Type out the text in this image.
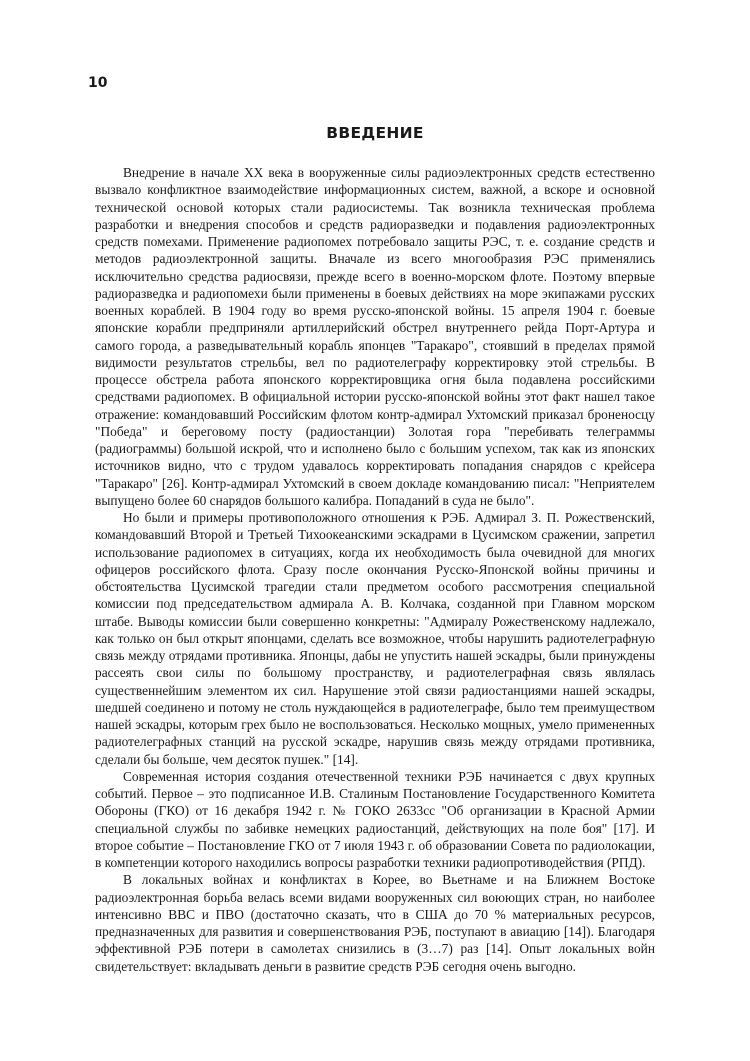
10
ВВЕДЕНИЕ

Внедрение в начале XX века в вооруженные силы радиоэлектронных средств естественно вызвало конфликтное взаимодействие информационных систем, важной, а вскоре и основной технической основой которых стали радиосистемы. Так возникла техническая проблема разработки и внедрения способов и средств радиоразведки и подавления радиоэлектронных средств помехами. Применение радиопомех потребовало защиты РЭС, т. е. создание средств и методов радиоэлектронной защиты. Вначале из всего многообразия РЭС применялись исключительно средства радиосвязи, прежде всего в военно-морском флоте. Поэтому впервые радиоразведка и радиопомехи были применены в боевых действиях на море экипажами русских военных кораблей. В 1904 году во время русско-японской войны. 15 апреля 1904 г. боевые японские корабли предприняли артиллерийский обстрел внутреннего рейда Порт-Артура и самого города, а разведывательный корабль японцев "Таракаро", стоявший в пределах прямой видимости результатов стрельбы, вел по радиотелеграфу корректировку этой стрельбы. В процессе обстрела работа японского корректировщика огня была подавлена российскими средствами радиопомех. В официальной истории русско-японской войны этот факт нашел такое отражение: командовавший Российским флотом контр-адмирал Ухтомский приказал броненосцу "Победа" и береговому посту (радиостанции) Золотая гора "перебивать телеграммы (радиограммы) большой искрой, что и исполнено было с большим успехом, так как из японских источников видно, что с трудом удавалось корректировать попадания снарядов с крейсера "Таракаро" [26]. Контр-адмирал Ухтомский в своем докладе командованию писал: "Неприятелем выпущено более 60 снарядов большого калибра. Попаданий в суда не было".

Но были и примеры противоположного отношения к РЭБ. Адмирал З. П. Рожественский, командовавший Второй и Третьей Тихоокеанскими эскадрами в Цусимском сражении, запретил использование радиопомех в ситуациях, когда их необходимость была очевидной для многих офицеров российского флота. Сразу после окончания Русско-Японской войны причины и обстоятельства Цусимской трагедии стали предметом особого рассмотрения специальной комиссии под председательством адмирала А. В. Колчака, созданной при Главном морском штабе. Выводы комиссии были совершенно конкретны: "Адмиралу Рожественскому надлежало, как только он был открыт японцами, сделать все возможное, чтобы нарушить радиотелеграфную связь между отрядами противника. Японцы, дабы не упустить нашей эскадры, были принуждены рассеять свои силы по большому пространству, и радиотелеграфная связь являлась существеннейшим элементом их сил. Нарушение этой связи радиостанциями нашей эскадры, шедшей соединено и потому не столь нуждающейся в радиотелеграфе, было тем преимуществом нашей эскадры, которым грех было не воспользоваться. Несколько мощных, умело примененных радиотелеграфных станций на русской эскадре, нарушив связь между отрядами противника, сделали бы больше, чем десяток пушек." [14].

Современная история создания отечественной техники РЭБ начинается с двух крупных событий. Первое – это подписанное И.В. Сталиным Постановление Государственного Комитета Обороны (ГКО) от 16 декабря 1942 г. № ГОКО 2633сс "Об организации в Красной Армии специальной службы по забивке немецких радиостанций, действующих на поле боя" [17]. И второе событие – Постановление ГКО от 7 июля 1943 г. об образовании Совета по радиолокации, в компетенции которого находились вопросы разработки техники радиопротиводействия (РПД).

В локальных войнах и конфликтах в Корее, во Вьетнаме и на Ближнем Востоке радиоэлектронная борьба велась всеми видами вооруженных сил воюющих стран, но наиболее интенсивно ВВС и ПВО (достаточно сказать, что в США до 70 % материальных ресурсов, предназначенных для развития и совершенствования РЭБ, поступают в авиацию [14]). Благодаря эффективной РЭБ потери в самолетах снизились в (3…7) раз [14]. Опыт локальных войн свидетельствует: вкладывать деньги в развитие средств РЭБ сегодня очень выгодно.
